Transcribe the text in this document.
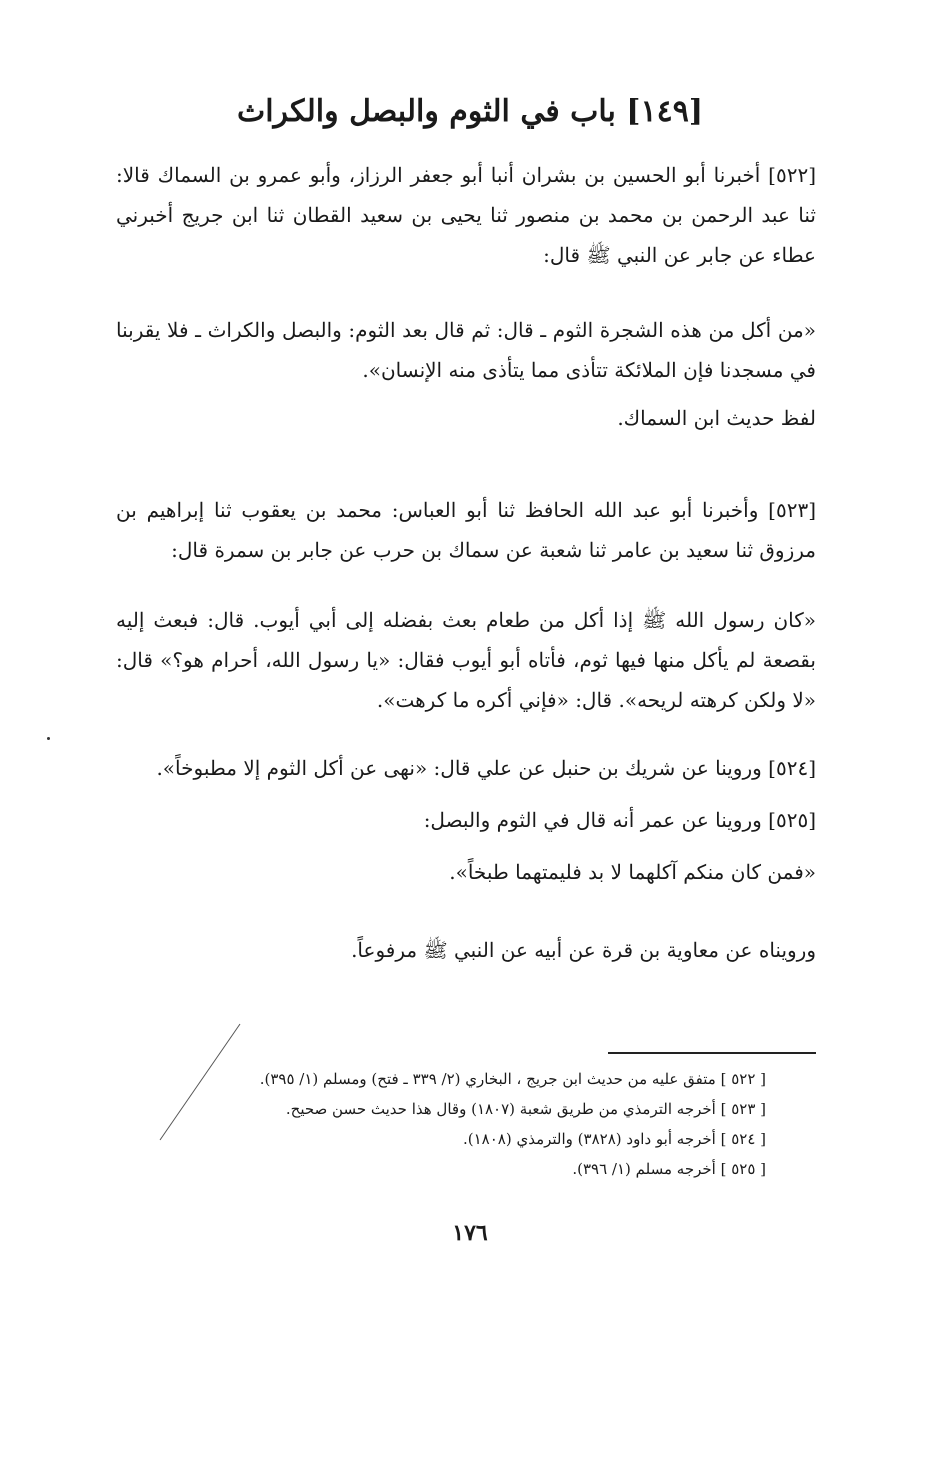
[١٤٩] باب في الثوم والبصل والكراث

[٥٢٢] أخبرنا أبو الحسين بن بشران أنبا أبو جعفر الرزاز، وأبو عمرو بن السماك قالا: ثنا عبد الرحمن بن محمد بن منصور ثنا يحيى بن سعيد القطان ثنا ابن جريج أخبرني عطاء عن جابر عن النبي ﷺ قال:

«من أكل من هذه الشجرة الثوم ـ قال: ثم قال بعد الثوم: والبصل والكراث ـ فلا يقربنا في مسجدنا فإن الملائكة تتأذى مما يتأذى منه الإنسان».

لفظ حديث ابن السماك.

[٥٢٣] وأخبرنا أبو عبد الله الحافظ ثنا أبو العباس: محمد بن يعقوب ثنا إبراهيم بن مرزوق ثنا سعيد بن عامر ثنا شعبة عن سماك بن حرب عن جابر بن سمرة قال:

«كان رسول الله ﷺ إذا أكل من طعام بعث بفضله إلى أبي أيوب. قال: فبعث إليه بقصعة لم يأكل منها فيها ثوم، فأتاه أبو أيوب فقال: «يا رسول الله، أحرام هو؟» قال: «لا ولكن كرهته لريحه». قال: «فإني أكره ما كرهت».

[٥٢٤] وروينا عن شريك بن حنبل عن علي قال: «نهى عن أكل الثوم إلا مطبوخاً».

[٥٢٥] وروينا عن عمر أنه قال في الثوم والبصل:

«فمن كان منكم آكلهما لا بد فليمتهما طبخاً».

ورويناه عن معاوية بن قرة عن أبيه عن النبي ﷺ مرفوعاً.

[ ٥٢٢ ] متفق عليه من حديث ابن جريج ، البخاري (٢/ ٣٣٩ ـ فتح) ومسلم (١/ ٣٩٥).
[ ٥٢٣ ] أخرجه الترمذي من طريق شعبة (١٨٠٧) وقال هذا حديث حسن صحيح.
[ ٥٢٤ ] أخرجه أبو داود (٣٨٢٨) والترمذي (١٨٠٨).
[ ٥٢٥ ] أخرجه مسلم (١/ ٣٩٦).
١٧٦
